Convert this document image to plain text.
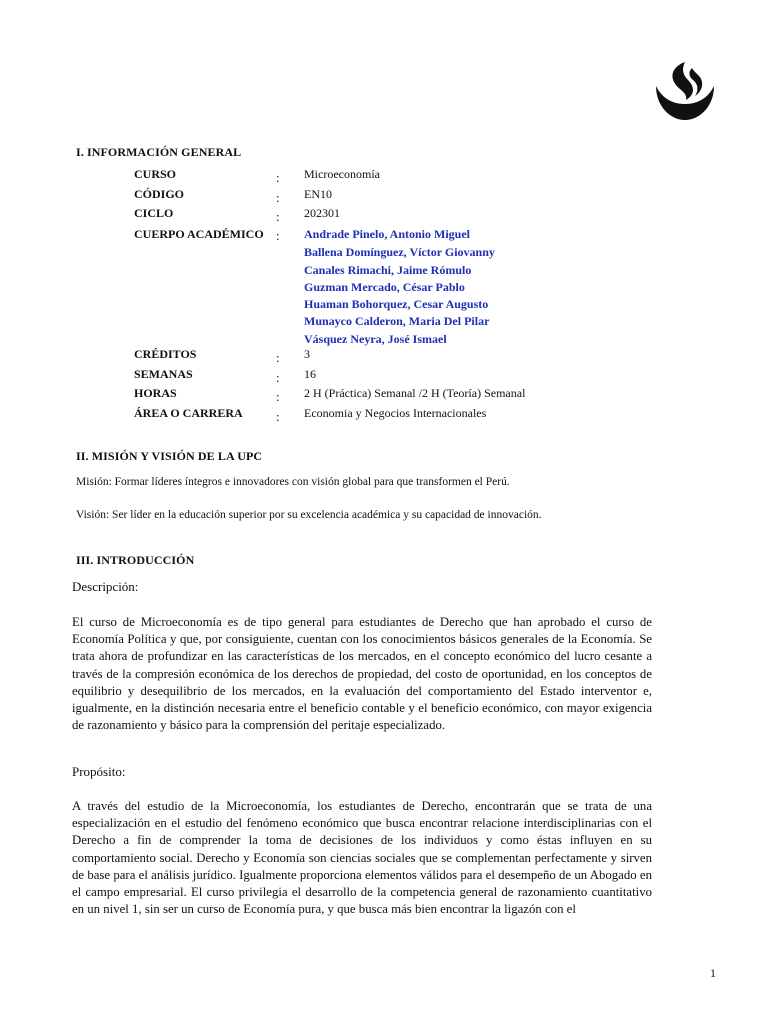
I. INFORMACIÓN GENERAL
CURSO	: Microeconomía
CÓDIGO	: EN10
CICLO	: 202301
CUERPO ACADÉMICO : Andrade Pinelo, Antonio Miguel
Ballena Domínguez, Víctor Giovanny
Canales Rimachi, Jaime Rómulo
Guzman Mercado, César Pablo
Huaman Bohorquez, Cesar Augusto
Munayco Calderon, Maria Del Pilar
Vásquez Neyra, José Ismael
CRÉDITOS	: 3
SEMANAS	: 16
HORAS	: 2 H (Práctica) Semanal /2 H (Teoría) Semanal
ÁREA O CARRERA	: Economia y Negocios Internacionales
II. MISIÓN Y VISIÓN DE LA UPC
Misión: Formar líderes íntegros e innovadores con visión global para que transformen el Perú.
Visión: Ser líder en la educación superior por su excelencia académica y su capacidad de innovación.
III. INTRODUCCIÓN
Descripción:

El curso de Microeconomía es de tipo general para estudiantes de Derecho que han aprobado el curso de Economía Política y que, por consiguiente, cuentan con los conocimientos básicos generales de la Economía. Se trata ahora de profundizar en las características de los mercados, en el concepto económico del lucro cesante a través de la compresión económica de los derechos de propiedad, del costo de oportunidad, en los conceptos de equilibrio y desequilibrio de los mercados, en la evaluación del comportamiento del Estado interventor e, igualmente, en la distinción necesaria entre el beneficio contable y el beneficio económico, con mayor exigencia de razonamiento y básico para la comprensión del peritaje especializado.

Propósito:

A través del estudio de la Microeconomía, los estudiantes de Derecho, encontrarán que se trata de una especialización en el estudio del fenómeno económico que busca encontrar relacione interdisciplinarias con el Derecho a fin de comprender la toma de decisiones de los individuos y como éstas influyen en su comportamiento social. Derecho y Economía son ciencias sociales que se complementan perfectamente y sirven de base para el análisis jurídico. Igualmente proporciona elementos válidos para el desempeño de un Abogado en el campo empresarial. El curso privilegia el desarrollo de la competencia general de razonamiento cuantitativo en un nivel 1, sin ser un curso de Economía pura, y que busca más bien encontrar la ligazón con el

1
